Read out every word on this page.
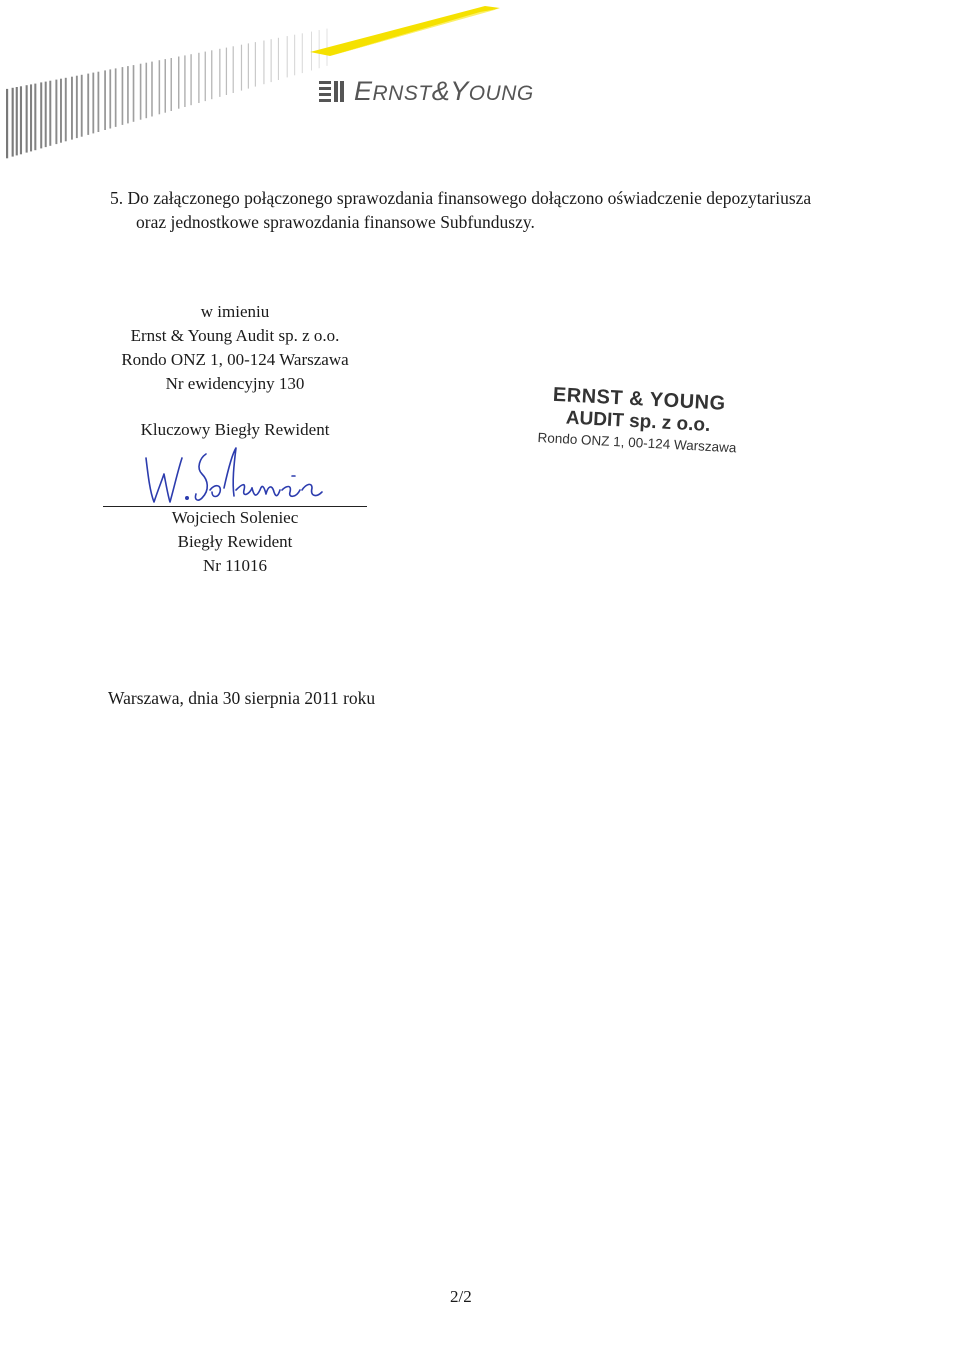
ERNST&YOUNG
5. Do załączonego połączonego sprawozdania finansowego dołączono oświadczenie depozytariusza
oraz jednostkowe sprawozdania finansowe Subfunduszy.
w imieniu
Ernst & Young Audit sp. z o.o.
Rondo ONZ 1, 00-124 Warszawa
Nr ewidencyjny 130
Kluczowy Biegły Rewident
Wojciech Soleniec
Biegły Rewident
Nr 11016
ERNST & YOUNG
AUDIT sp. z o.o.
Rondo ONZ 1, 00-124 Warszawa
Warszawa, dnia 30 sierpnia 2011 roku
2/2
